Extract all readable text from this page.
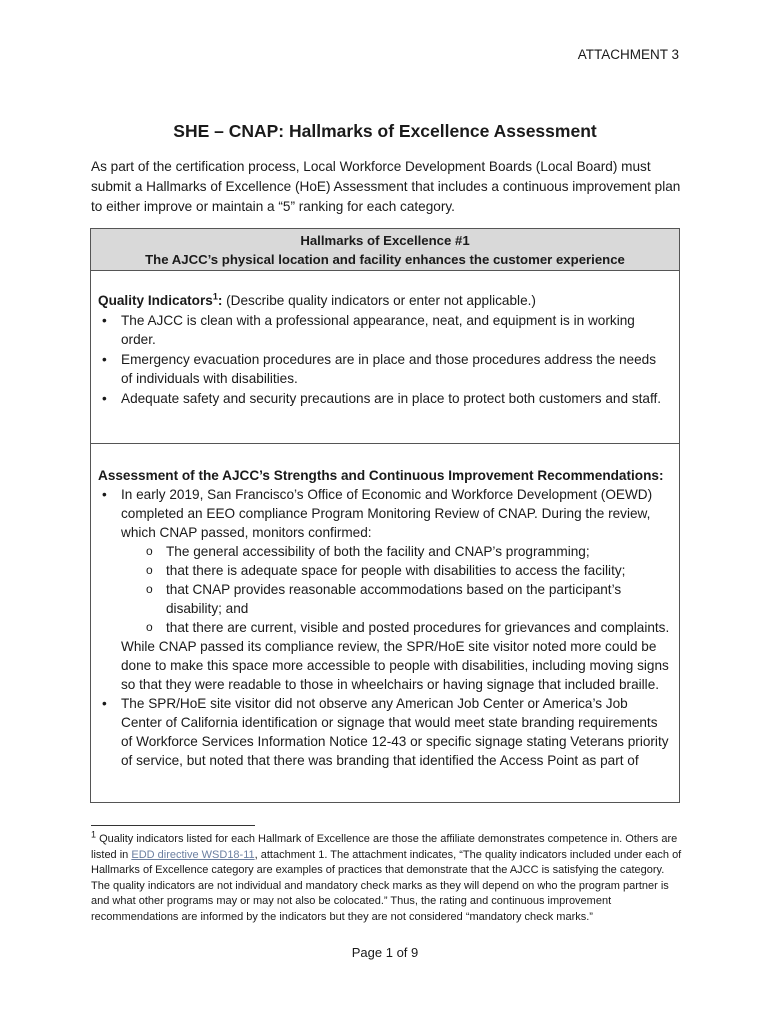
ATTACHMENT 3
SHE – CNAP: Hallmarks of Excellence Assessment
As part of the certification process, Local Workforce Development Boards (Local Board) must submit a Hallmarks of Excellence (HoE) Assessment that includes a continuous improvement plan to either improve or maintain a “5” ranking for each category.
Hallmarks of Excellence #1
The AJCC’s physical location and facility enhances the customer experience
Quality Indicators$^1$: (Describe quality indicators or enter not applicable.)
• The AJCC is clean with a professional appearance, neat, and equipment is in working order.
• Emergency evacuation procedures are in place and those procedures address the needs of individuals with disabilities.
• Adequate safety and security precautions are in place to protect both customers and staff.
Assessment of the AJCC’s Strengths and Continuous Improvement Recommendations:
• In early 2019, San Francisco’s Office of Economic and Workforce Development (OEWD) completed an EEO compliance Program Monitoring Review of CNAP. During the review, which CNAP passed, monitors confirmed:
o The general accessibility of both the facility and CNAP’s programming;
o that there is adequate space for people with disabilities to access the facility;
o that CNAP provides reasonable accommodations based on the participant’s disability; and
o that there are current, visible and posted procedures for grievances and complaints.
While CNAP passed its compliance review, the SPR/HoE site visitor noted more could be done to make this space more accessible to people with disabilities, including moving signs so that they were readable to those in wheelchairs or having signage that included braille.
• The SPR/HoE site visitor did not observe any American Job Center or America’s Job Center of California identification or signage that would meet state branding requirements of Workforce Services Information Notice 12-43 or specific signage stating Veterans priority of service, but noted that there was branding that identified the Access Point as part of
$^1$ Quality indicators listed for each Hallmark of Excellence are those the affiliate demonstrates competence in. Others are listed in EDD directive WSD18-11, attachment 1. The attachment indicates, “The quality indicators included under each of Hallmarks of Excellence category are examples of practices that demonstrate that the AJCC is satisfying the category. The quality indicators are not individual and mandatory check marks as they will depend on who the program partner is and what other programs may or may not also be colocated.” Thus, the rating and continuous improvement recommendations are informed by the indicators but they are not considered “mandatory check marks.”
Page 1 of 9
